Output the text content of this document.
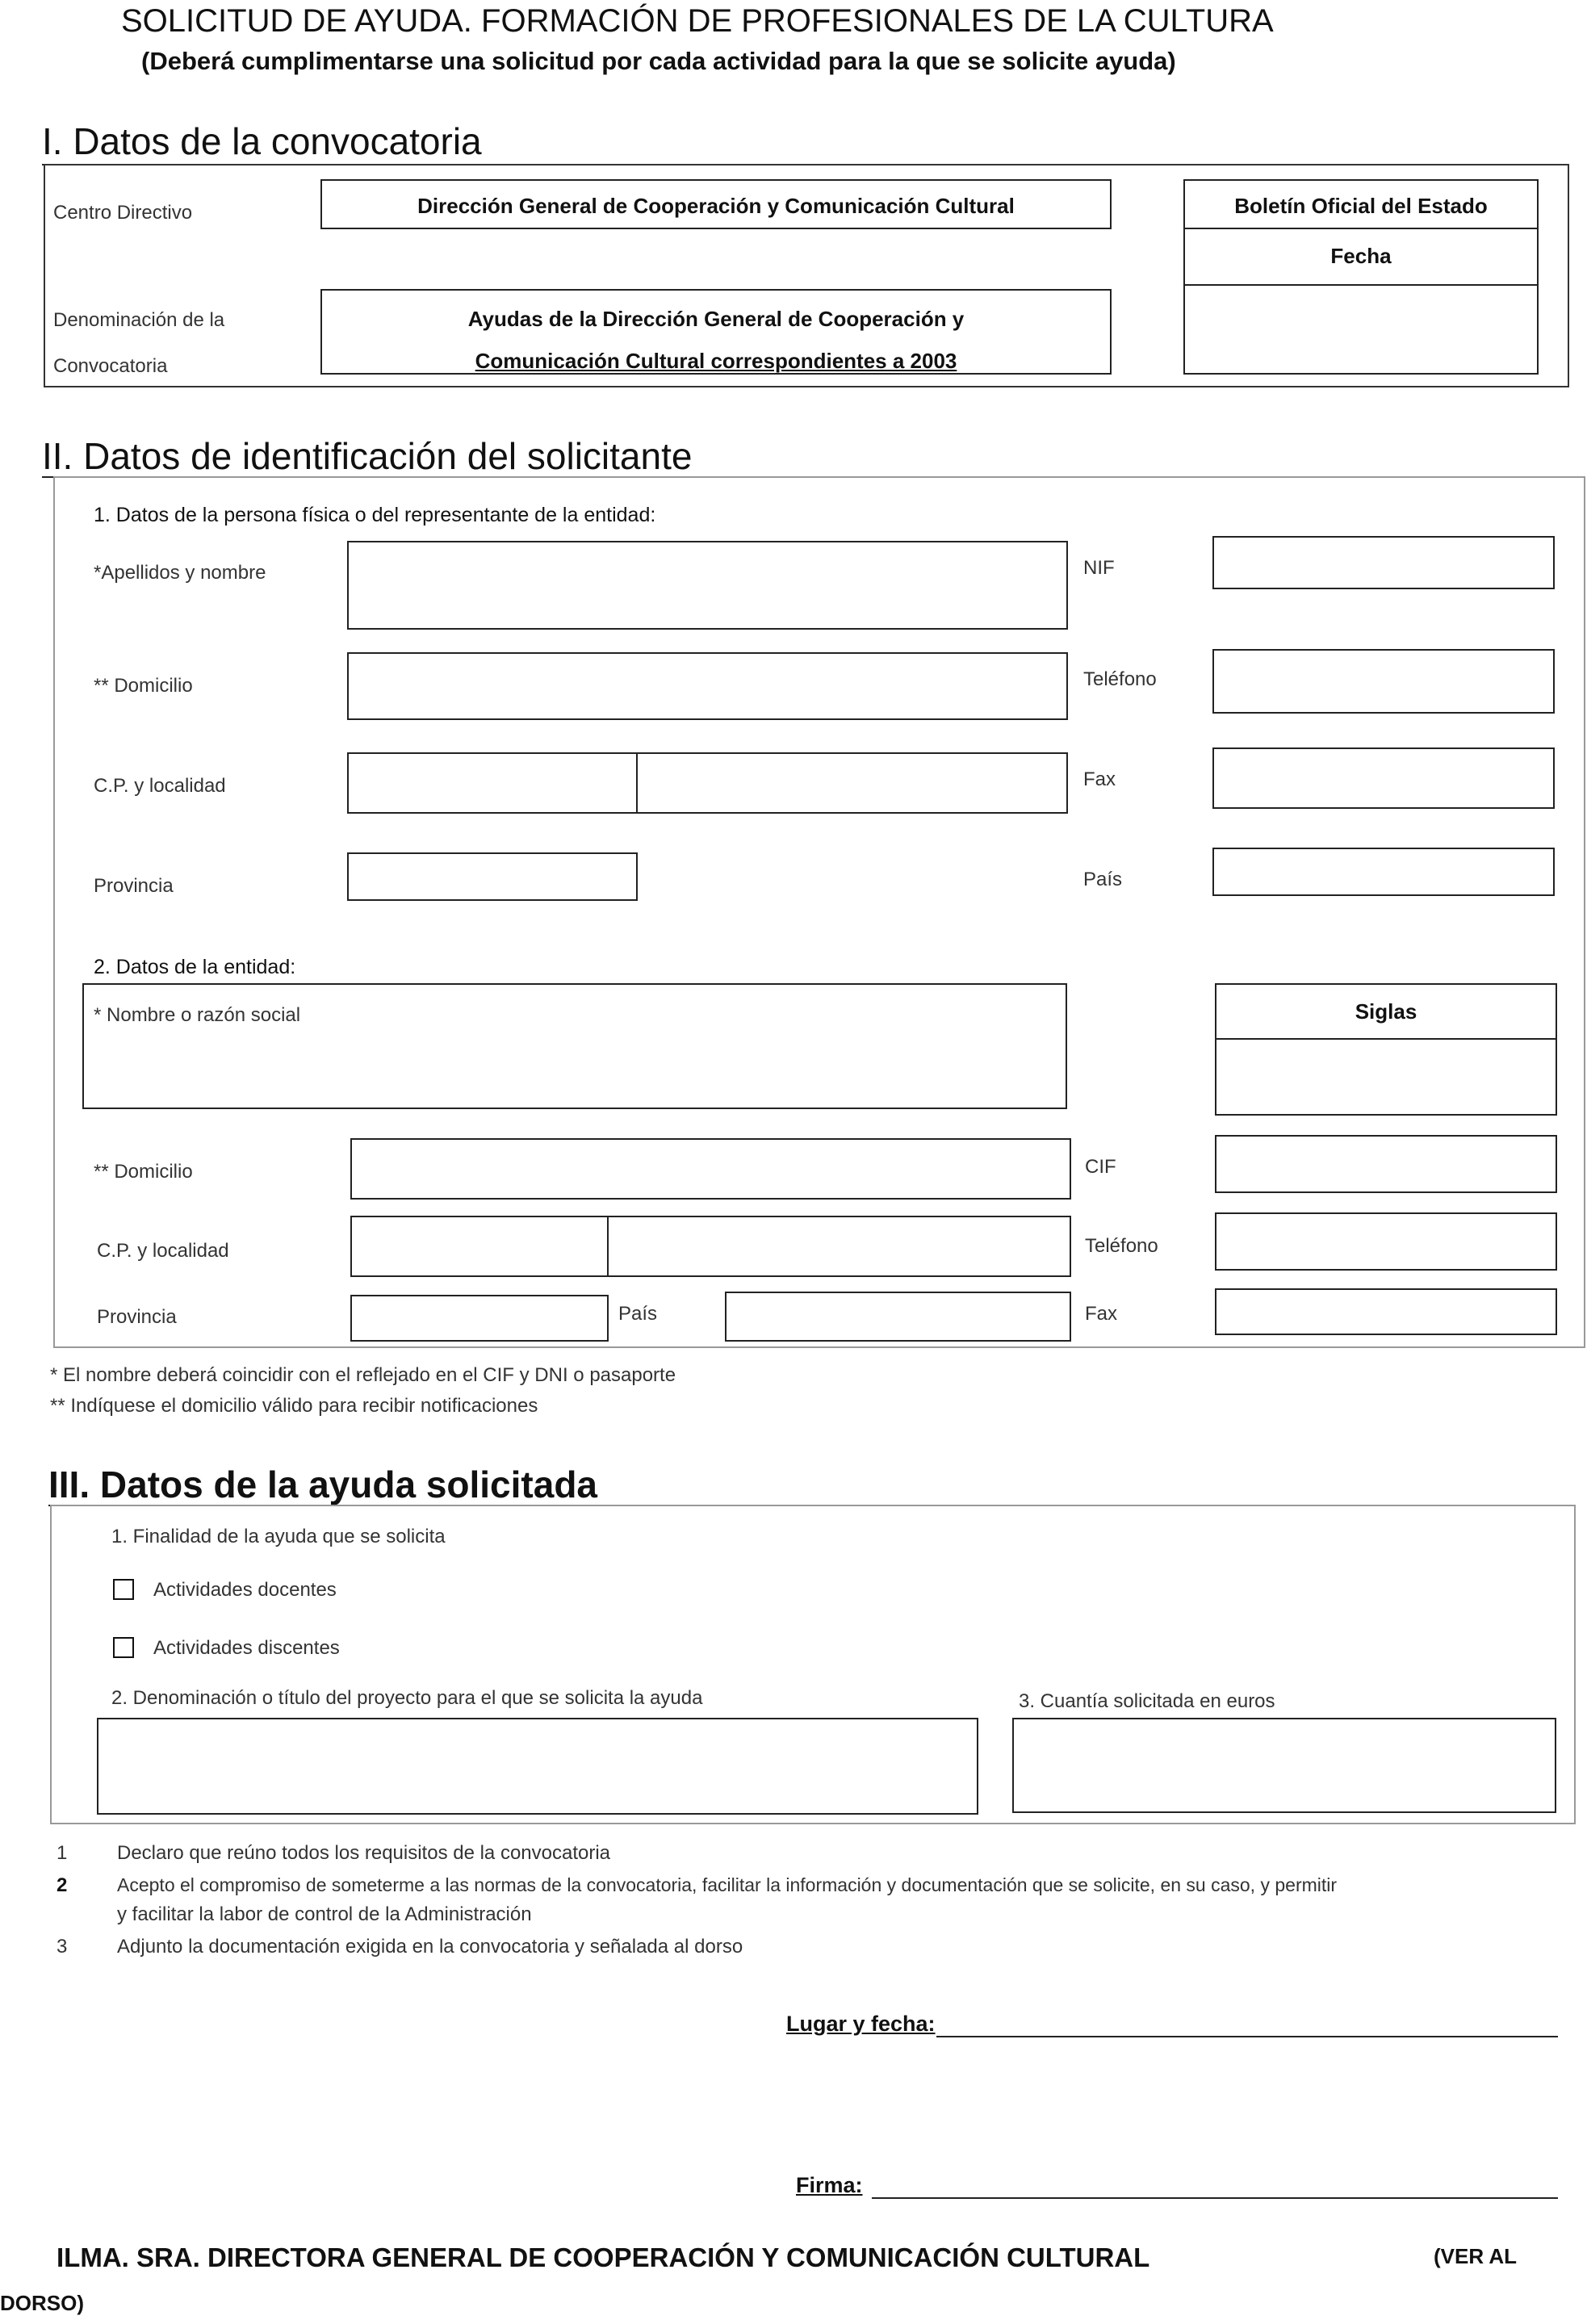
SOLICITUD DE AYUDA. FORMACIÓN DE PROFESIONALES DE LA CULTURA
(Deberá cumplimentarse una solicitud por cada actividad para la que se solicite ayuda)
I. Datos de la convocatoria
Centro Directivo	Dirección General de Cooperación y Comunicación Cultural	Boletín Oficial del Estado
Fecha
Denominación de la
Convocatoria
Ayudas de la Dirección General de Cooperación y
Comunicación Cultural correspondientes a 2003
II. Datos de identificación del solicitante
1. Datos de la persona física o del representante de la entidad:
*Apellidos y nombre	NIF
** Domicilio	Teléfono
C.P. y localidad	Fax
Provincia	País
2. Datos de la entidad:
* Nombre o razón social	Siglas
** Domicilio	CIF
C.P. y localidad	Teléfono
Provincia	País	Fax
* El nombre deberá coincidir con el reflejado en el CIF y DNI o pasaporte
** Indíquese el domicilio válido para recibir notificaciones
III. Datos de la ayuda solicitada
1. Finalidad de la ayuda que se solicita
Actividades docentes
Actividades discentes
2. Denominación o título del proyecto para el que se solicita la ayuda	3. Cuantía solicitada en euros
1	Declaro que reúno todos los requisitos de la convocatoria
2	Acepto el compromiso de someterme a las normas de la convocatoria, facilitar la información y documentación que se solicite, en su caso, y permitir
y facilitar la labor de control de la Administración
3	Adjunto la documentación exigida en la convocatoria y señalada al dorso
Lugar y fecha:
Firma:
ILMA. SRA. DIRECTORA GENERAL DE COOPERACIÓN Y COMUNICACIÓN CULTURAL	(VER AL
DORSO)
